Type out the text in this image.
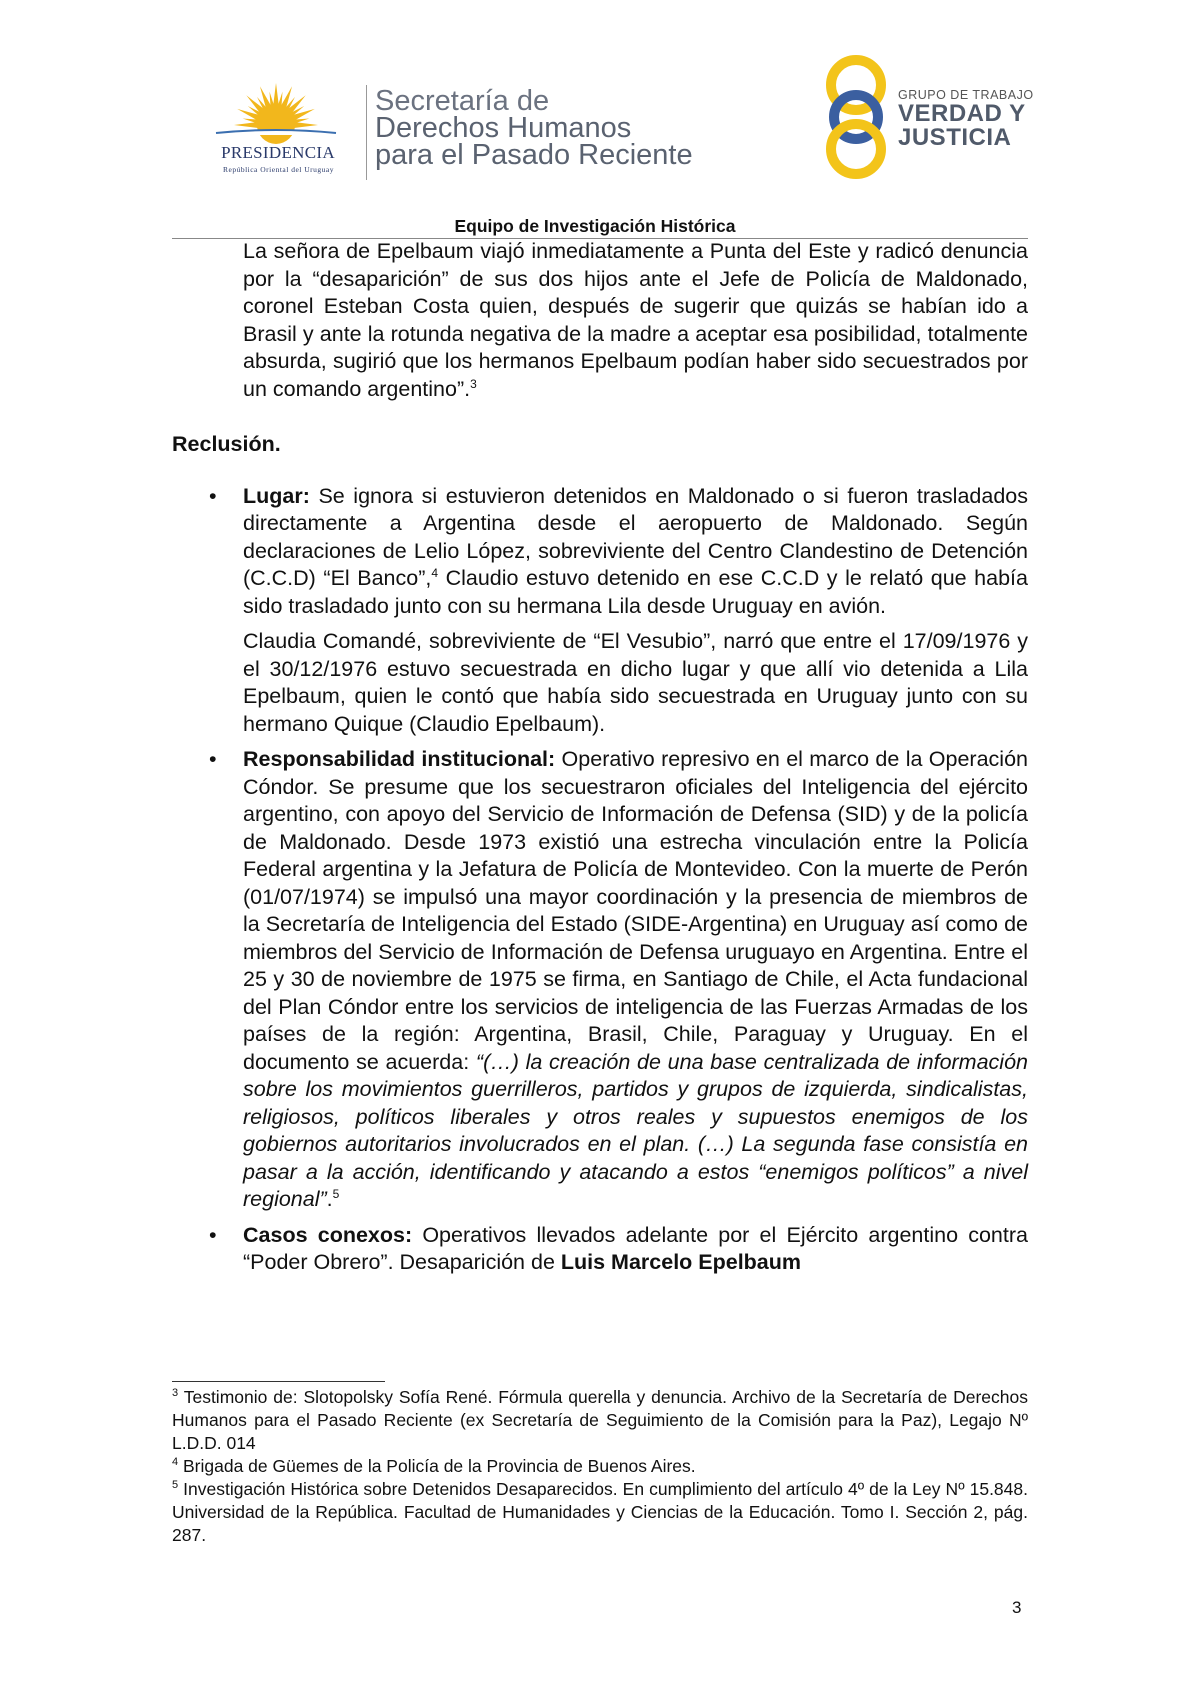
PRESIDENCIA
República Oriental del Uruguay
Secretaría de
Derechos Humanos
para el Pasado Reciente
GRUPO DE TRABAJO
VERDAD Y
JUSTICIA
Equipo de Investigación Histórica

La señora de Epelbaum viajó inmediatamente a Punta del Este y radicó denuncia por la “desaparición” de sus dos hijos ante el Jefe de Policía de Maldonado, coronel Esteban Costa quien, después de sugerir que quizás se habían ido a Brasil y ante la rotunda negativa de la madre a aceptar esa posibilidad, totalmente absurda, sugirió que los hermanos Epelbaum podían haber sido secuestrados por un comando argentino”.$^3$

Reclusión.

• Lugar: Se ignora si estuvieron detenidos en Maldonado o si fueron trasladados directamente a Argentina desde el aeropuerto de Maldonado. Según declaraciones de Lelio López, sobreviviente del Centro Clandestino de Detención (C.C.D) “El Banco”,$^4$ Claudio estuvo detenido en ese C.C.D y le relató que había sido trasladado junto con su hermana Lila desde Uruguay en avión.

Claudia Comandé, sobreviviente de “El Vesubio”, narró que entre el 17/09/1976 y el 30/12/1976 estuvo secuestrada en dicho lugar y que allí vio detenida a Lila Epelbaum, quien le contó que había sido secuestrada en Uruguay junto con su hermano Quique (Claudio Epelbaum).

• Responsabilidad institucional: Operativo represivo en el marco de la Operación Cóndor. Se presume que los secuestraron oficiales del Inteligencia del ejército argentino, con apoyo del Servicio de Información de Defensa (SID) y de la policía de Maldonado. Desde 1973 existió una estrecha vinculación entre la Policía Federal argentina y la Jefatura de Policía de Montevideo. Con la muerte de Perón (01/07/1974) se impulsó una mayor coordinación y la presencia de miembros de la Secretaría de Inteligencia del Estado (SIDE-Argentina) en Uruguay así como de miembros del Servicio de Información de Defensa uruguayo en Argentina. Entre el 25 y 30 de noviembre de 1975 se firma, en Santiago de Chile, el Acta fundacional del Plan Cóndor entre los servicios de inteligencia de las Fuerzas Armadas de los países de la región: Argentina, Brasil, Chile, Paraguay y Uruguay. En el documento se acuerda: “(…) la creación de una base centralizada de información sobre los movimientos guerrilleros, partidos y grupos de izquierda, sindicalistas, religiosos, políticos liberales y otros reales y supuestos enemigos de los gobiernos autoritarios involucrados en el plan. (…) La segunda fase consistía en pasar a la acción, identificando y atacando a estos “enemigos políticos” a nivel regional”.$^5$

• Casos conexos: Operativos llevados adelante por el Ejército argentino contra “Poder Obrero”. Desaparición de Luis Marcelo Epelbaum

$^3$ Testimonio de: Slotopolsky Sofía René. Fórmula querella y denuncia. Archivo de la Secretaría de Derechos Humanos para el Pasado Reciente (ex Secretaría de Seguimiento de la Comisión para la Paz), Legajo Nº L.D.D. 014

$^4$ Brigada de Güemes de la Policía de la Provincia de Buenos Aires.

$^5$ Investigación Histórica sobre Detenidos Desaparecidos. En cumplimiento del artículo 4º de la Ley Nº 15.848. Universidad de la República. Facultad de Humanidades y Ciencias de la Educación. Tomo I. Sección 2, pág. 287.

3
